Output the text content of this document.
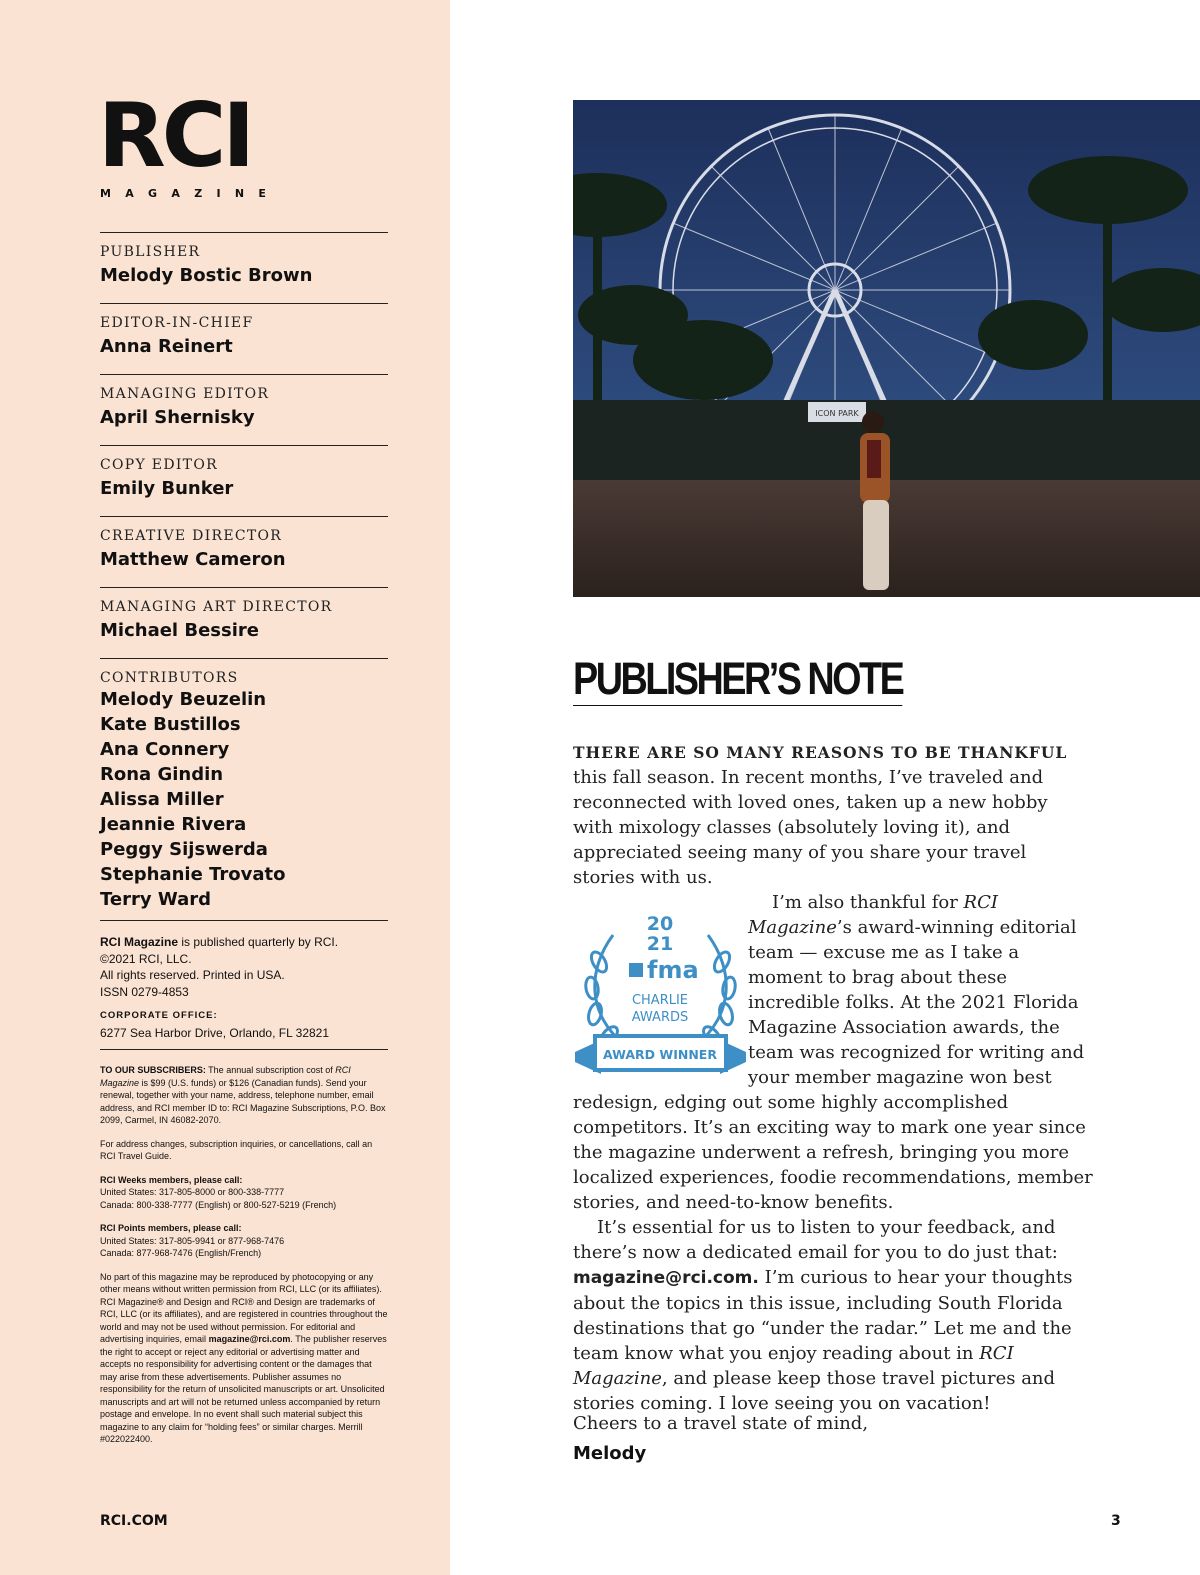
RCI
MAGAZINE
PUBLISHER
Melody Bostic Brown
EDITOR-IN-CHIEF
Anna Reinert
MANAGING EDITOR
April Shernisky
COPY EDITOR
Emily Bunker
CREATIVE DIRECTOR
Matthew Cameron
MANAGING ART DIRECTOR
Michael Bessire
CONTRIBUTORS
Melody Beuzelin
Kate Bustillos
Ana Connery
Rona Gindin
Alissa Miller
Jeannie Rivera
Peggy Sijswerda
Stephanie Trovato
Terry Ward
RCI Magazine is published quarterly by RCI.
©2021 RCI, LLC.
All rights reserved. Printed in USA.
ISSN 0279-4853
CORPORATE OFFICE:
6277 Sea Harbor Drive, Orlando, FL 32821

TO OUR SUBSCRIBERS: The annual subscription cost of RCI Magazine is $99 (U.S. funds) or $126 (Canadian funds). Send your renewal, together with your name, address, telephone number, email address, and RCI member ID to: RCI Magazine Subscriptions, P.O. Box 2099, Carmel, IN 46082-2070.

For address changes, subscription inquiries, or cancellations, call an RCI Travel Guide.

RCI Weeks members, please call:
United States: 317-805-8000 or 800-338-7777
Canada: 800-338-7777 (English) or 800-527-5219 (French)

RCI Points members, please call:
United States: 317-805-9941 or 877-968-7476
Canada: 877-968-7476 (English/French)

No part of this magazine may be reproduced by photocopying or any other means without written permission from RCI, LLC (or its affiliates). RCI Magazine® and Design and RCI® and Design are trademarks of RCI, LLC (or its affiliates), and are registered in countries throughout the world and may not be used without permission. For editorial and advertising inquiries, email magazine@rci.com. The publisher reserves the right to accept or reject any editorial or advertising matter and accepts no responsibility for advertising content or the damages that may arise from these advertisements. Publisher assumes no responsibility for the return of unsolicited manuscripts or art. Unsolicited manuscripts and art will not be returned unless accompanied by return postage and envelope. In no event shall such material subject this magazine to any claim for “holding fees” or similar charges. Merrill #022022400.

RCI.COM	3
ICON PARK
PUBLISHER’S NOTE

THERE ARE SO MANY REASONS TO BE THANKFUL this fall season. In recent months, I’ve traveled and reconnected with loved ones, taken up a new hobby with mixology classes (absolutely loving it), and appreciated seeing many of you share your travel stories with us.

20
21
fma
CHARLIE
AWARDS
AWARD WINNER

I’m also thankful for RCI Magazine’s award-winning editorial team — excuse me as I take a moment to brag about these incredible folks. At the 2021 Florida Magazine Association awards, the team was recognized for writing and your member magazine won best redesign, edging out some highly accomplished competitors. It’s an exciting way to mark one year since the magazine underwent a refresh, bringing you more localized experiences, foodie recommendations, member stories, and need-to-know benefits.

It’s essential for us to listen to your feedback, and there’s now a dedicated email for you to do just that: magazine@rci.com. I’m curious to hear your thoughts about the topics in this issue, including South Florida destinations that go “under the radar.” Let me and the team know what you enjoy reading about in RCI Magazine, and please keep those travel pictures and stories coming. I love seeing you on vacation!

Cheers to a travel state of mind,
Melody
